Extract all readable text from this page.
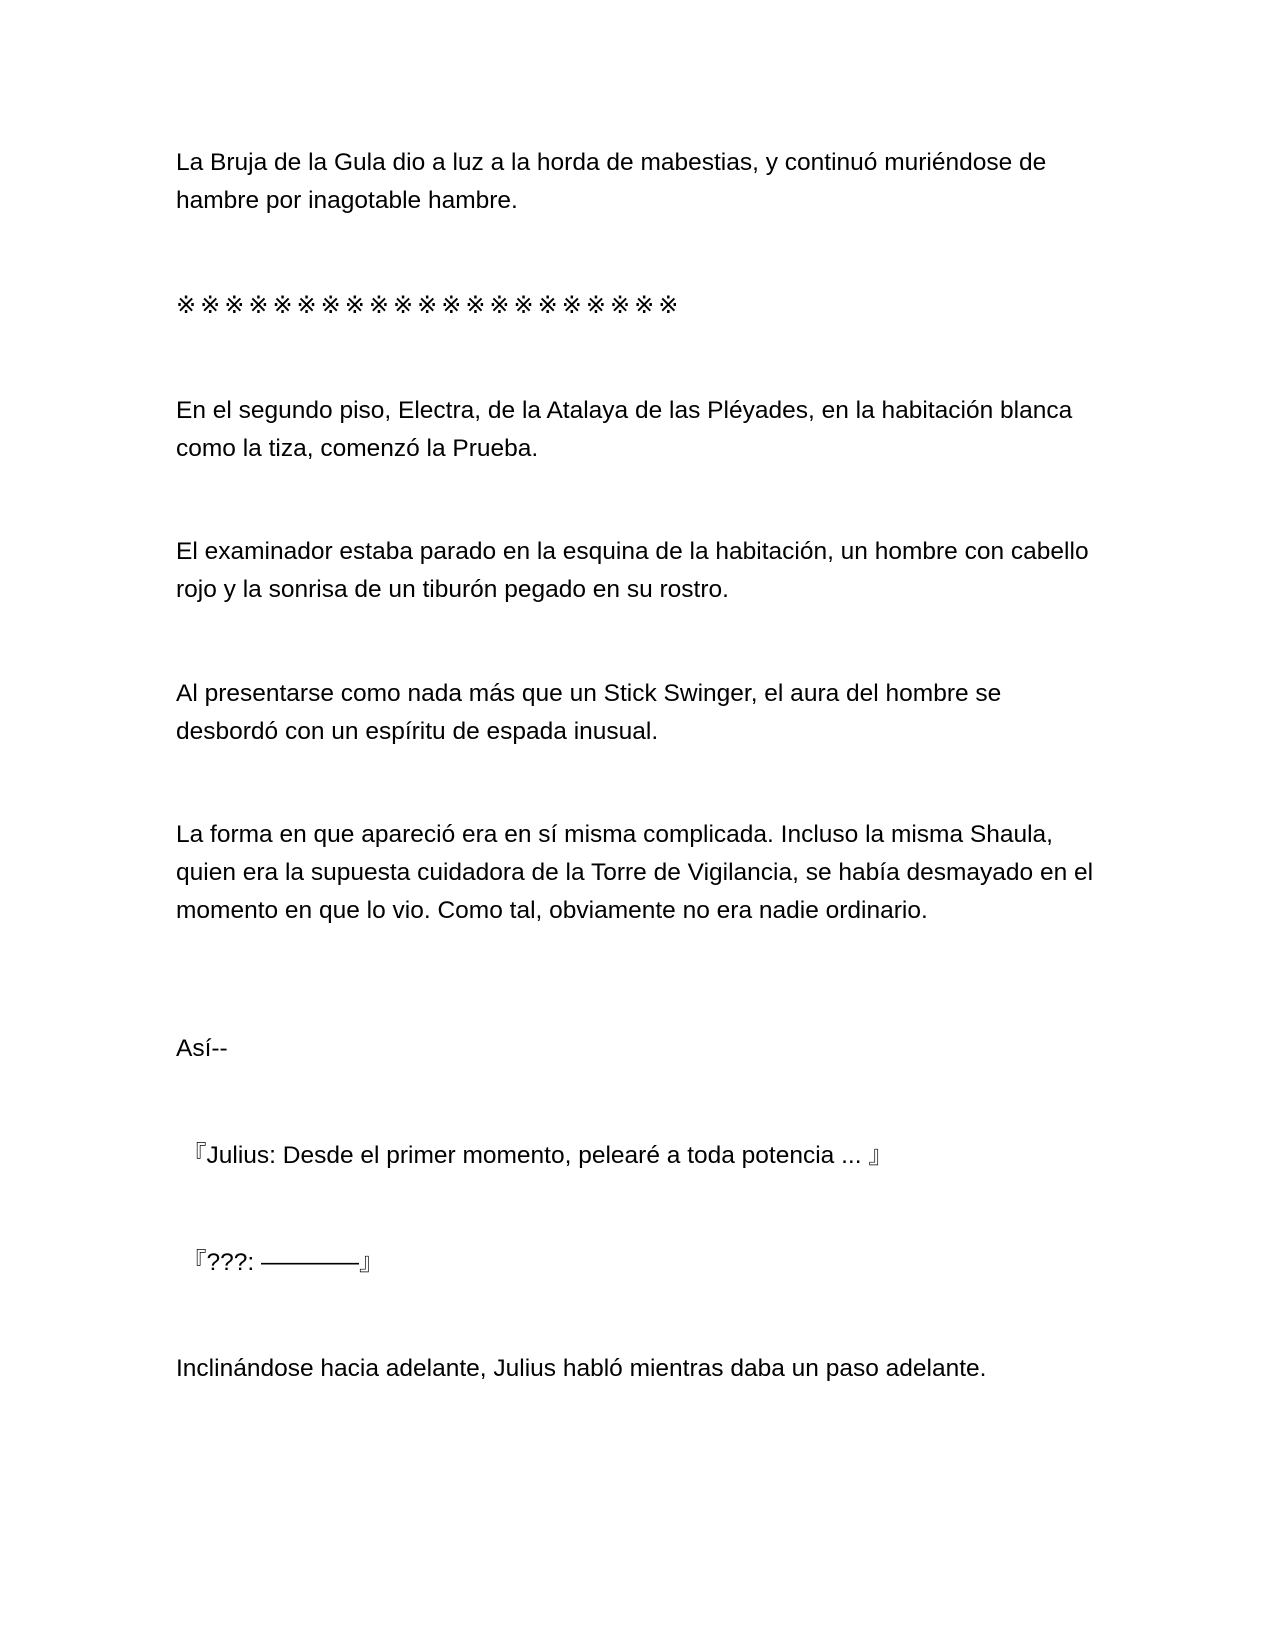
La Bruja de la Gula dio a luz a la horda de mabestias, y continuó muriéndose de hambre por inagotable hambre.

※※※※※※※※※※※※※※※※※※※※※

En el segundo piso, Electra, de la Atalaya de las Pléyades, en la habitación blanca como la tiza, comenzó la Prueba.

El examinador estaba parado en la esquina de la habitación, un hombre con cabello rojo y la sonrisa de un tiburón pegado en su rostro.

Al presentarse como nada más que un Stick Swinger, el aura del hombre se desbordó con un espíritu de espada inusual.

La forma en que apareció era en sí misma complicada. Incluso la misma Shaula, quien era la supuesta cuidadora de la Torre de Vigilancia, se había desmayado en el momento en que lo vio. Como tal, obviamente no era nadie ordinario.

Así--

『Julius: Desde el primer momento, pelearé a toda potencia ... 』

『???: ――――』

Inclinándose hacia adelante, Julius habló mientras daba un paso adelante.
